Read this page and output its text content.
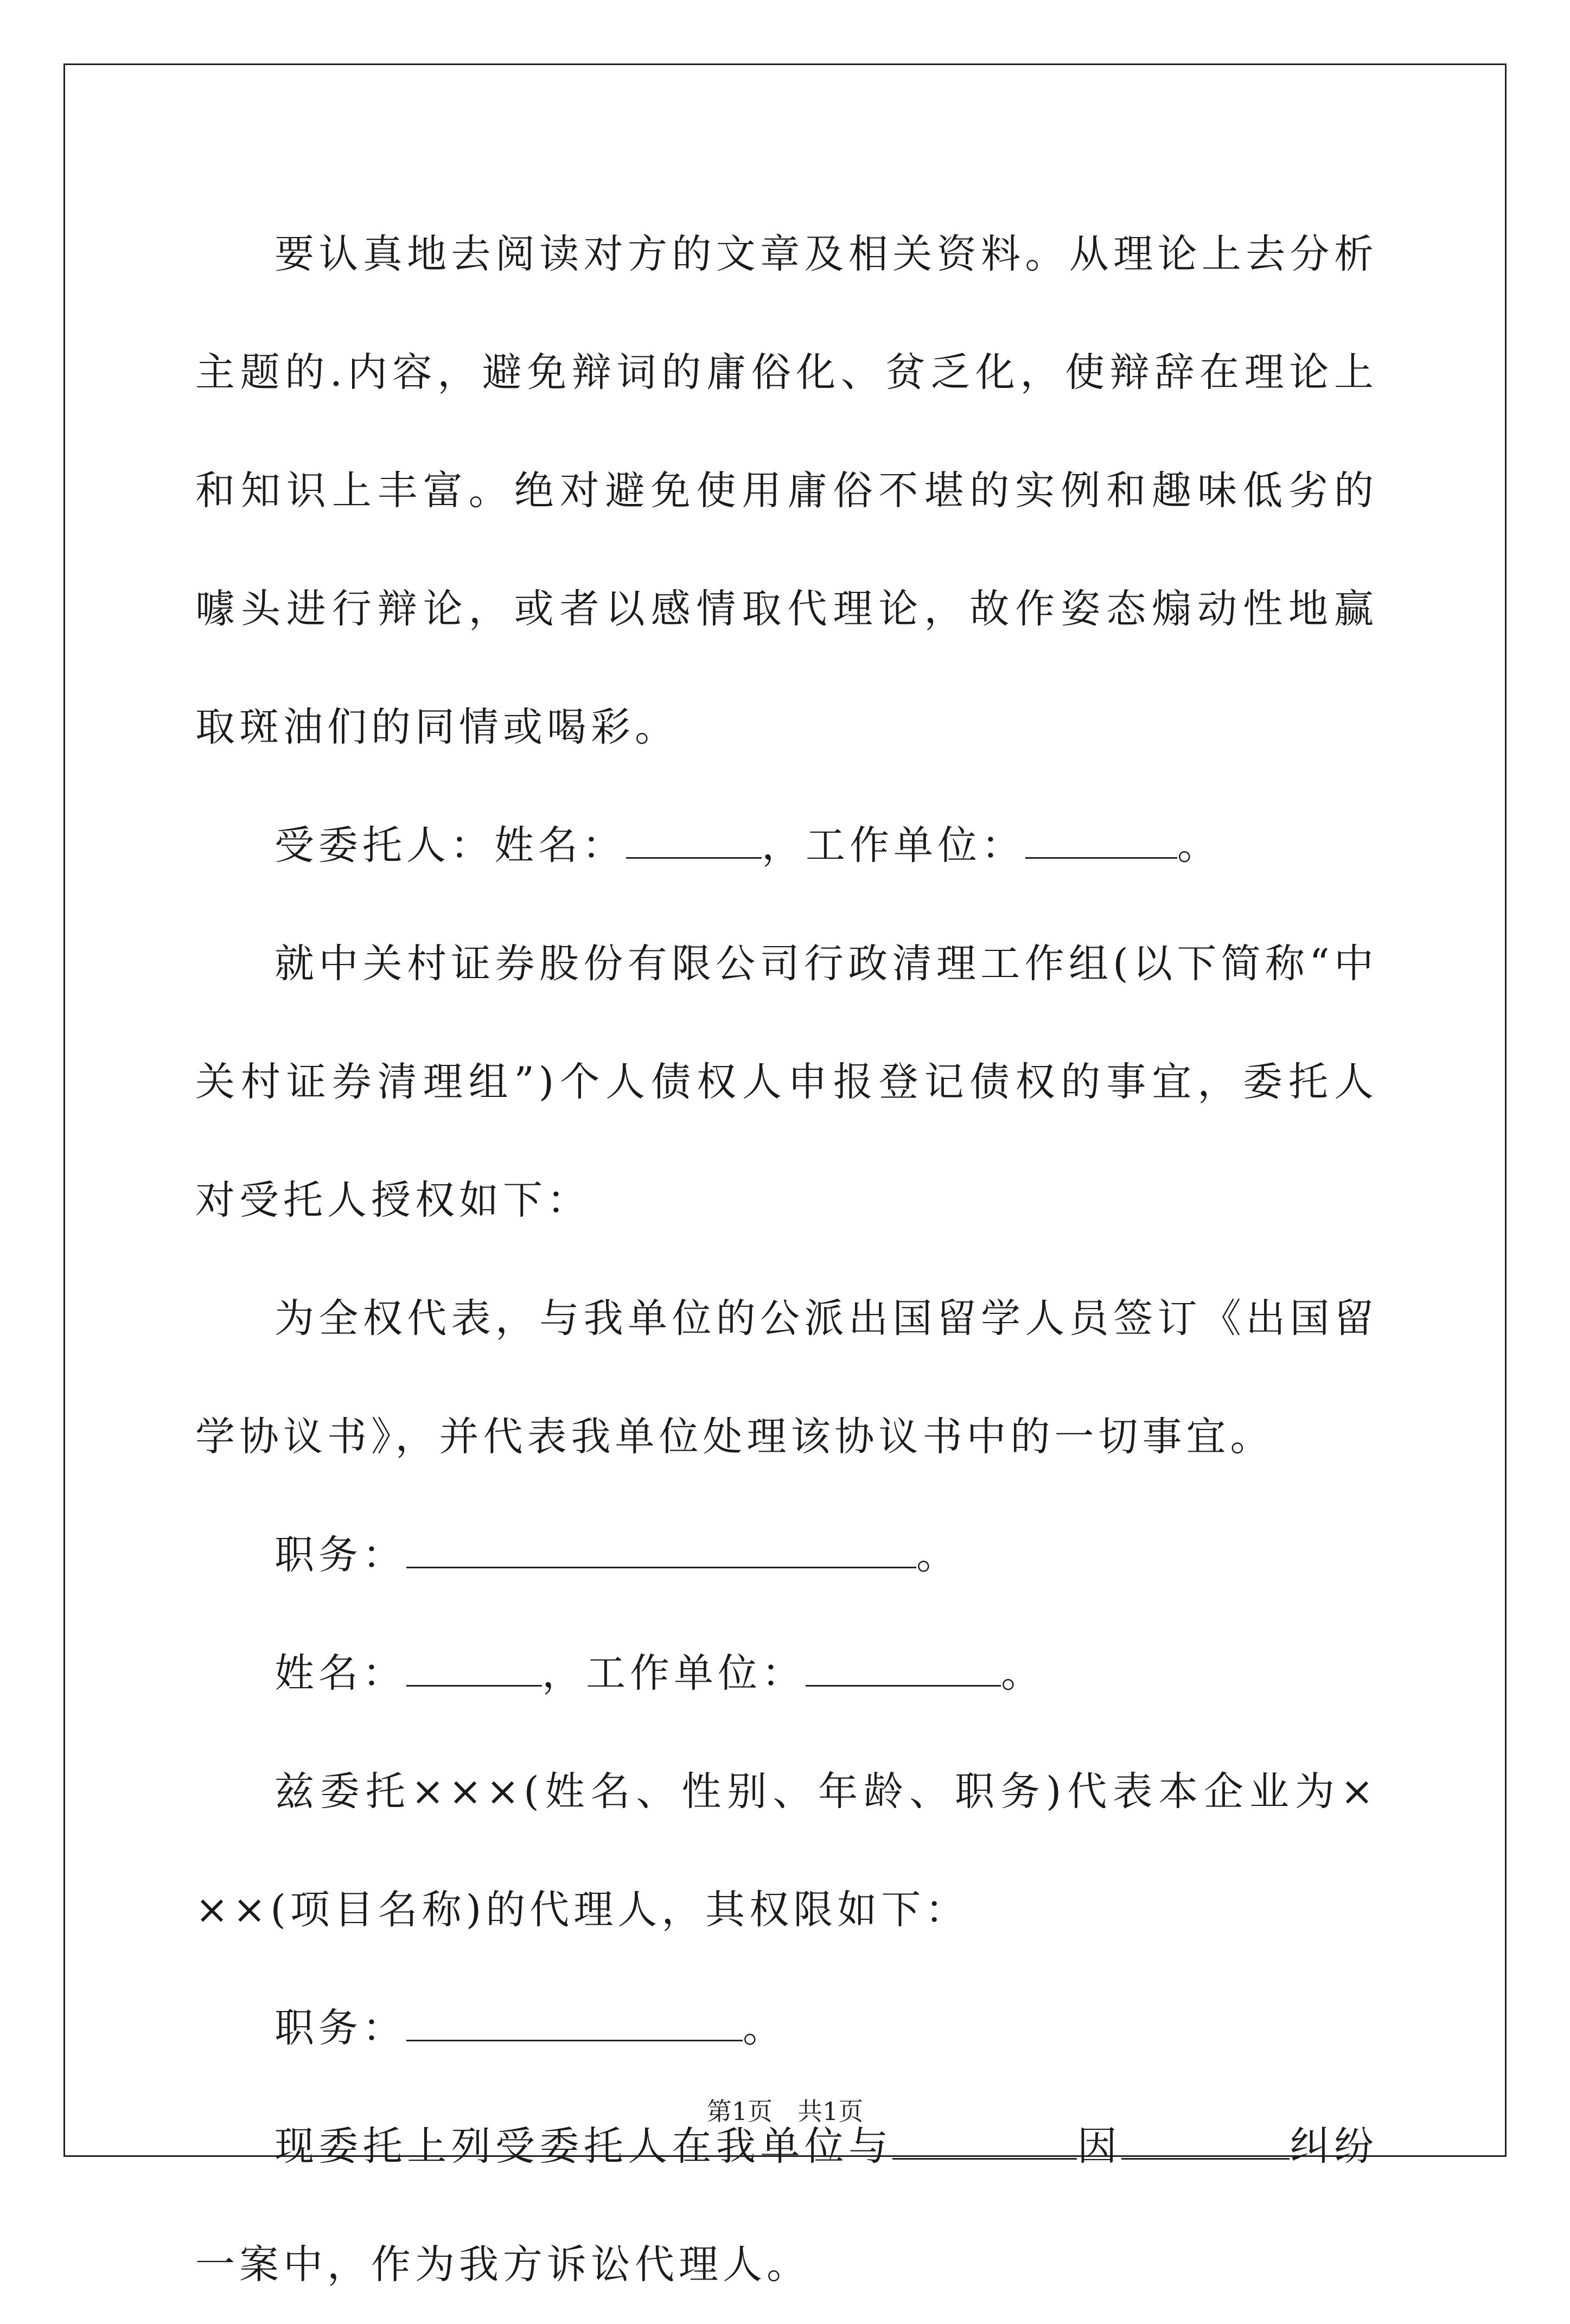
要认真地去阅读对方的文章及相关资料。从理论上去分析主题的.内容，避免辩词的庸俗化、贫乏化，使辩辞在理论上和知识上丰富。绝对避免使用庸俗不堪的实例和趣味低劣的噱头进行辩论，或者以感情取代理论，故作姿态煽动性地赢取斑油们的同情或喝彩。

受委托人：姓名：	，工作单位：	。

就中关村证券股份有限公司行政清理工作组(以下简称“中关村证券清理组”)个人债权人申报登记债权的事宜，委托人对受托人授权如下：

为全权代表，与我单位的公派出国留学人员签订《出国留学协议书》，并代表我单位处理该协议书中的一切事宜。

职务：	。

姓名：	，工作单位：	。

兹委托×××(姓名、性别、年龄、职务)代表本企业为×××(项目名称)的代理人，其权限如下：

职务：	。

现委托上列受委托人在我单位与	因	纠纷一案中，作为我方诉讼代理人。

第1页　共1页
